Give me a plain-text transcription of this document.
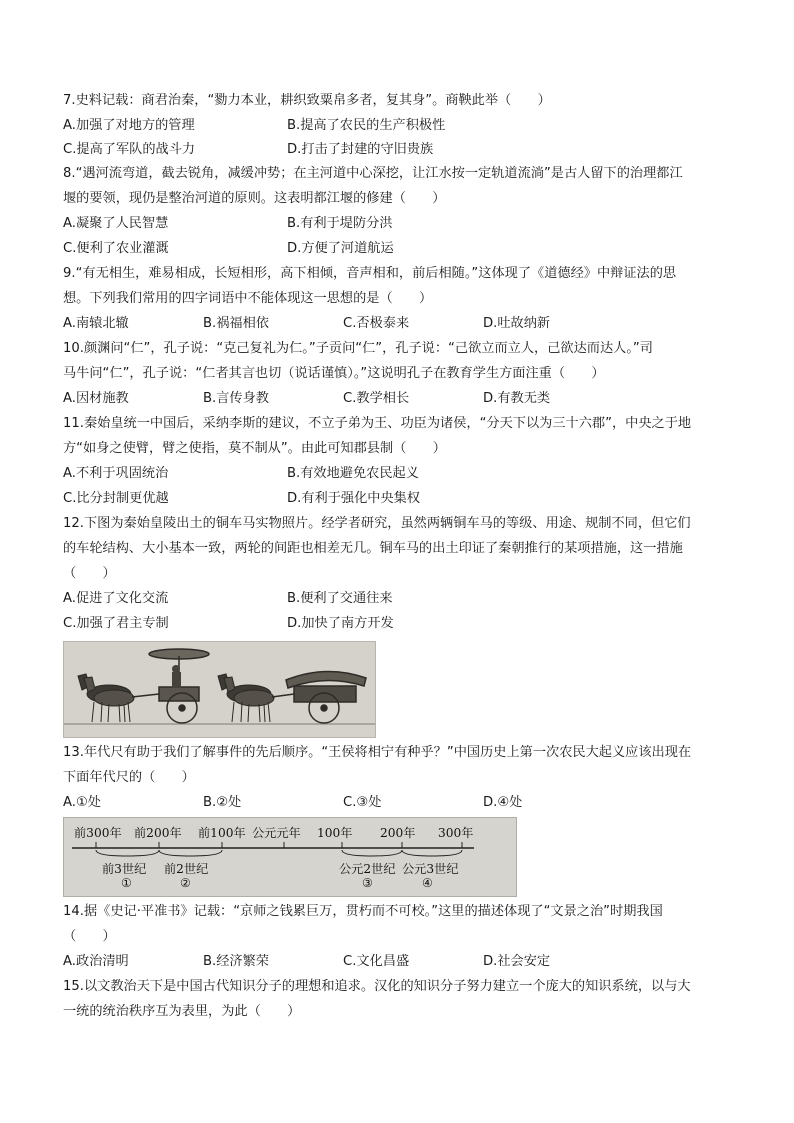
7.史料记载：商君治秦，“勠力本业，耕织致粟帛多者，复其身”。商鞅此举（　　）
A.加强了对地方的管理	B.提高了农民的生产积极性
C.提高了军队的战斗力	D.打击了封建的守旧贵族
8.“遇河流弯道，截去锐角，减缓冲势；在主河道中心深挖，让江水按一定轨道流淌”是古人留下的治理都江
堰的要领，现仍是整治河道的原则。这表明都江堰的修建（　　）
A.凝聚了人民智慧	B.有利于堤防分洪
C.便利了农业灌溉	D.方便了河道航运
9.“有无相生，难易相成，长短相形，高下相倾，音声相和，前后相随。”这体现了《道德经》中辩证法的思
想。下列我们常用的四字词语中不能体现这一思想的是（　　）
A.南辕北辙	B.祸福相依	C.否极泰来	D.吐故纳新
10.颜渊问“仁”，孔子说：“克己复礼为仁。”子贡问“仁”，孔子说：“己欲立而立人，己欲达而达人。”司
马牛问“仁”，孔子说：“仁者其言也切（说话谨慎）。”这说明孔子在教育学生方面注重（　　）
A.因材施教	B.言传身教	C.教学相长	D.有教无类
11.秦始皇统一中国后，采纳李斯的建议，不立子弟为王、功臣为诸侯，“分天下以为三十六郡”，中央之于地
方“如身之使臂，臂之使指，莫不制从”。由此可知郡县制（　　）
A.不利于巩固统治	B.有效地避免农民起义
C.比分封制更优越	D.有利于强化中央集权
12.下图为秦始皇陵出土的铜车马实物照片。经学者研究，虽然两辆铜车马的等级、用途、规制不同，但它们
的车轮结构、大小基本一致，两轮的间距也相差无几。铜车马的出土印证了秦朝推行的某项措施，这一措施
（　　）
A.促进了文化交流	B.便利了交通往来
C.加强了君主专制	D.加快了南方开发
13.年代尺有助于我们了解事件的先后顺序。“王侯将相宁有种乎？”中国历史上第一次农民大起义应该出现在
下面年代尺的（　　）
A.①处	B.②处	C.③处	D.④处
前300年 前200年 前100年 公元元年 100年 200年 300年
前3世纪 前2世纪	公元2世纪 公元3世纪
①	②	③	④
14.据《史记·平准书》记载：“京师之钱累巨万，贯朽而不可校。”这里的描述体现了“文景之治”时期我国
（　　）
A.政治清明	B.经济繁荣	C.文化昌盛	D.社会安定
15.以文教治天下是中国古代知识分子的理想和追求。汉化的知识分子努力建立一个庞大的知识系统，以与大
一统的统治秩序互为表里，为此（　　）
